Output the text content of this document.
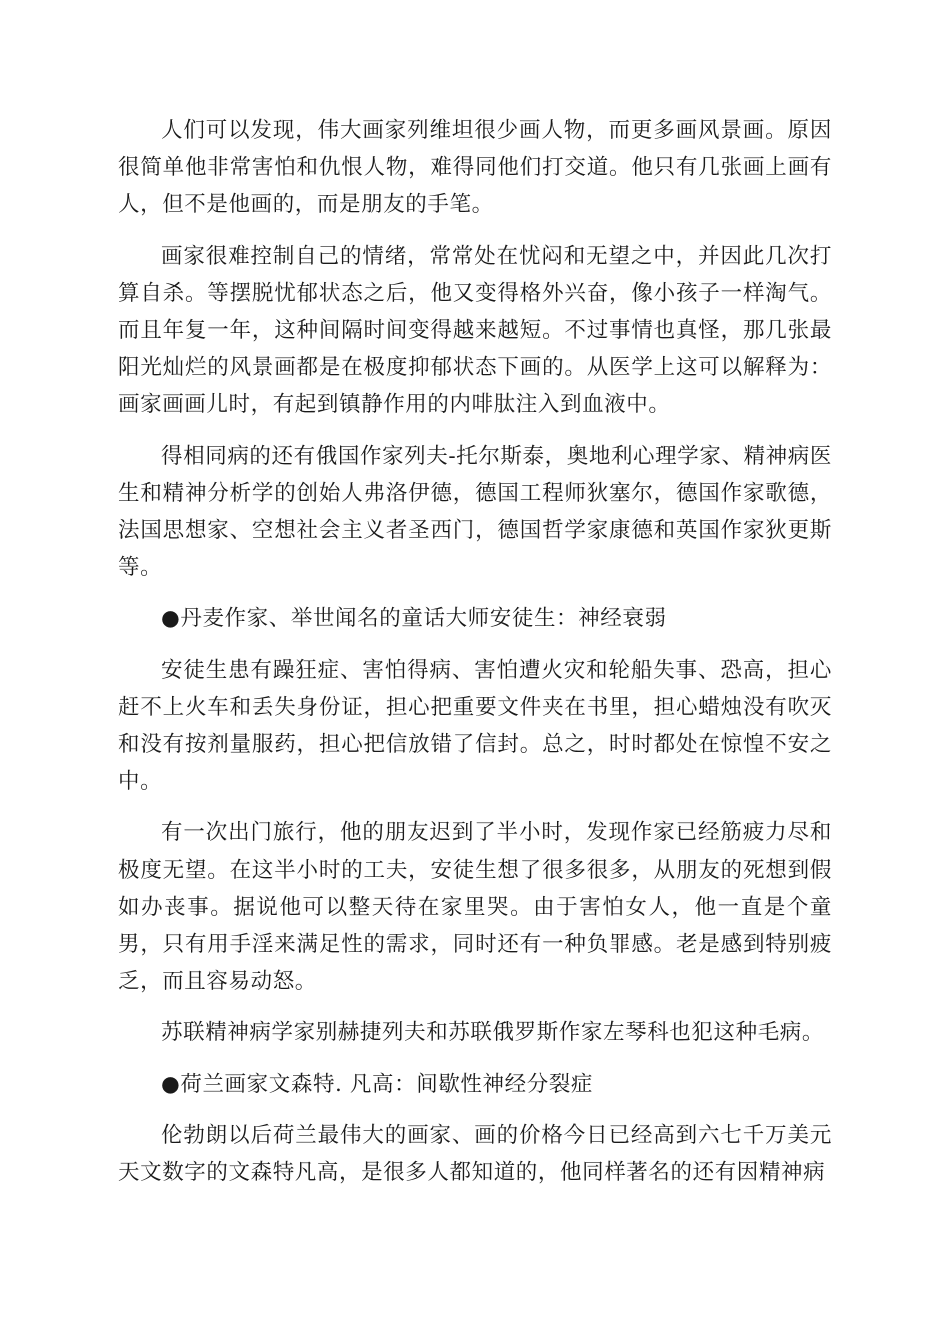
人们可以发现，伟大画家列维坦很少画人物，而更多画风景画。原因很简单他非常害怕和仇恨人物，难得同他们打交道。他只有几张画上画有人，但不是他画的，而是朋友的手笔。

画家很难控制自己的情绪，常常处在忧闷和无望之中，并因此几次打算自杀。等摆脱忧郁状态之后，他又变得格外兴奋，像小孩子一样淘气。而且年复一年，这种间隔时间变得越来越短。不过事情也真怪，那几张最阳光灿烂的风景画都是在极度抑郁状态下画的。从医学上这可以解释为：画家画画儿时，有起到镇静作用的内啡肽注入到血液中。

得相同病的还有俄国作家列夫-托尔斯泰，奥地利心理学家、精神病医生和精神分析学的创始人弗洛伊德，德国工程师狄塞尔，德国作家歌德，法国思想家、空想社会主义者圣西门，德国哲学家康德和英国作家狄更斯等。

●丹麦作家、举世闻名的童话大师安徒生：神经衰弱

安徒生患有躁狂症、害怕得病、害怕遭火灾和轮船失事、恐高，担心赶不上火车和丢失身份证，担心把重要文件夹在书里，担心蜡烛没有吹灭和没有按剂量服药，担心把信放错了信封。总之，时时都处在惊惶不安之中。

有一次出门旅行，他的朋友迟到了半小时，发现作家已经筋疲力尽和极度无望。在这半小时的工夫，安徒生想了很多很多，从朋友的死想到假如办丧事。据说他可以整天待在家里哭。由于害怕女人，他一直是个童男，只有用手淫来满足性的需求，同时还有一种负罪感。老是感到特别疲乏，而且容易动怒。

苏联精神病学家别赫捷列夫和苏联俄罗斯作家左琴科也犯这种毛病。

●荷兰画家文森特. 凡高：间歇性神经分裂症

伦勃朗以后荷兰最伟大的画家、画的价格今日已经高到六七千万美元天文数字的文森特凡高，是很多人都知道的，他同样著名的还有因精神病
